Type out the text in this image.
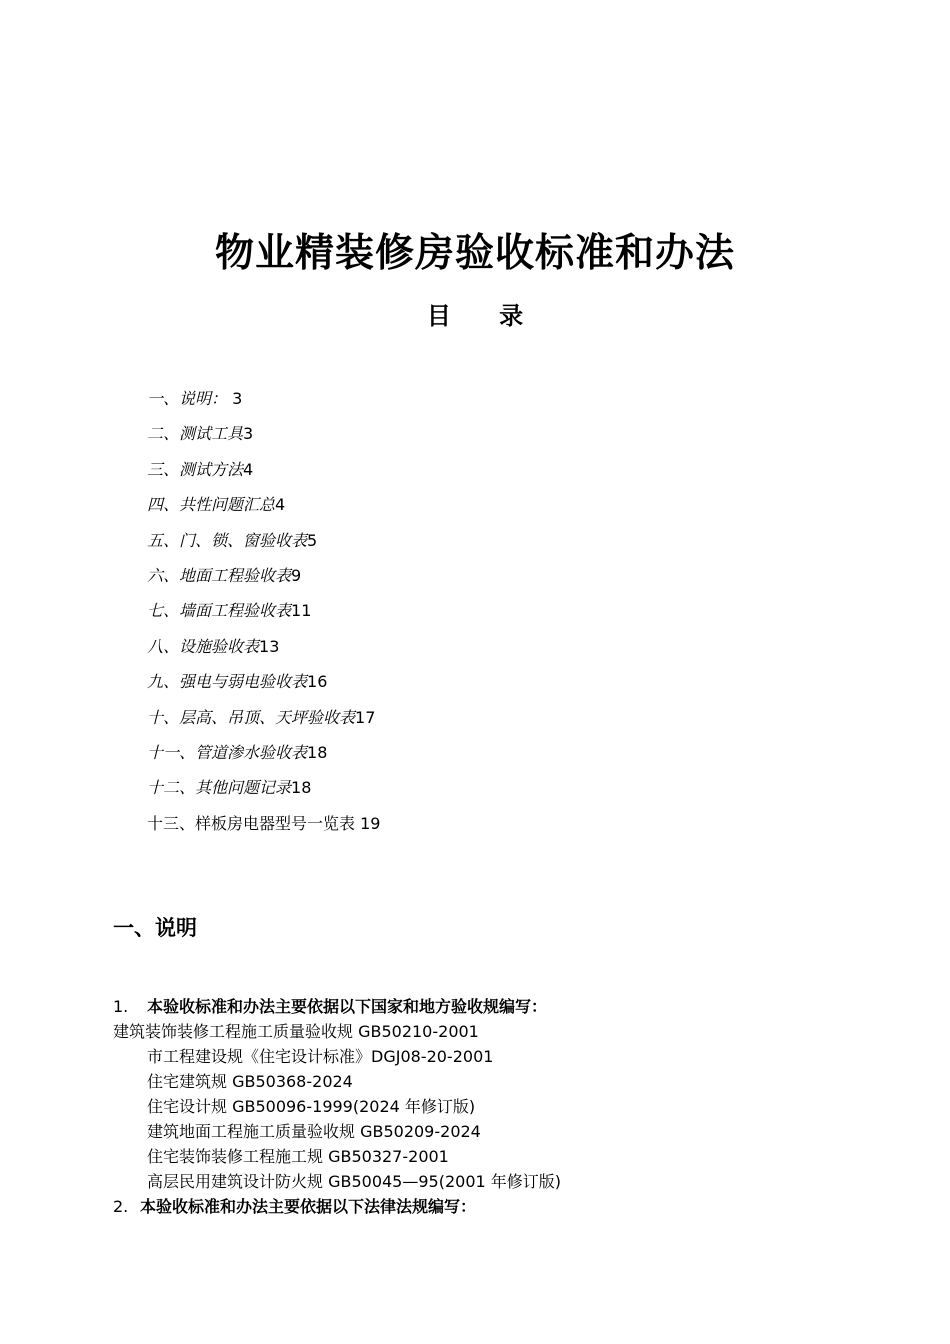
物业精装修房验收标准和办法
目 录
一、说明： 3
二、测试工具3
三、测试方法4
四、共性问题汇总4
五、门、锁、窗验收表5
六、地面工程验收表9
七、墙面工程验收表11
八、设施验收表13
九、强电与弱电验收表16
十、层高、吊顶、天坪验收表17
十一、管道渗水验收表18
十二、其他问题记录18
十三、样板房电器型号一览表 19
一、说明
1. 本验收标准和办法主要依据以下国家和地方验收规编写：
建筑装饰装修工程施工质量验收规 GB50210-2001
市工程建设规《住宅设计标准》DGJ08-20-2001
住宅建筑规 GB50368-2024
住宅设计规 GB50096-1999(2024 年修订版)
建筑地面工程施工质量验收规 GB50209-2024
住宅装饰装修工程施工规 GB50327-2001
高层民用建筑设计防火规 GB50045—95(2001 年修订版)
2. 本验收标准和办法主要依据以下法律法规编写：
